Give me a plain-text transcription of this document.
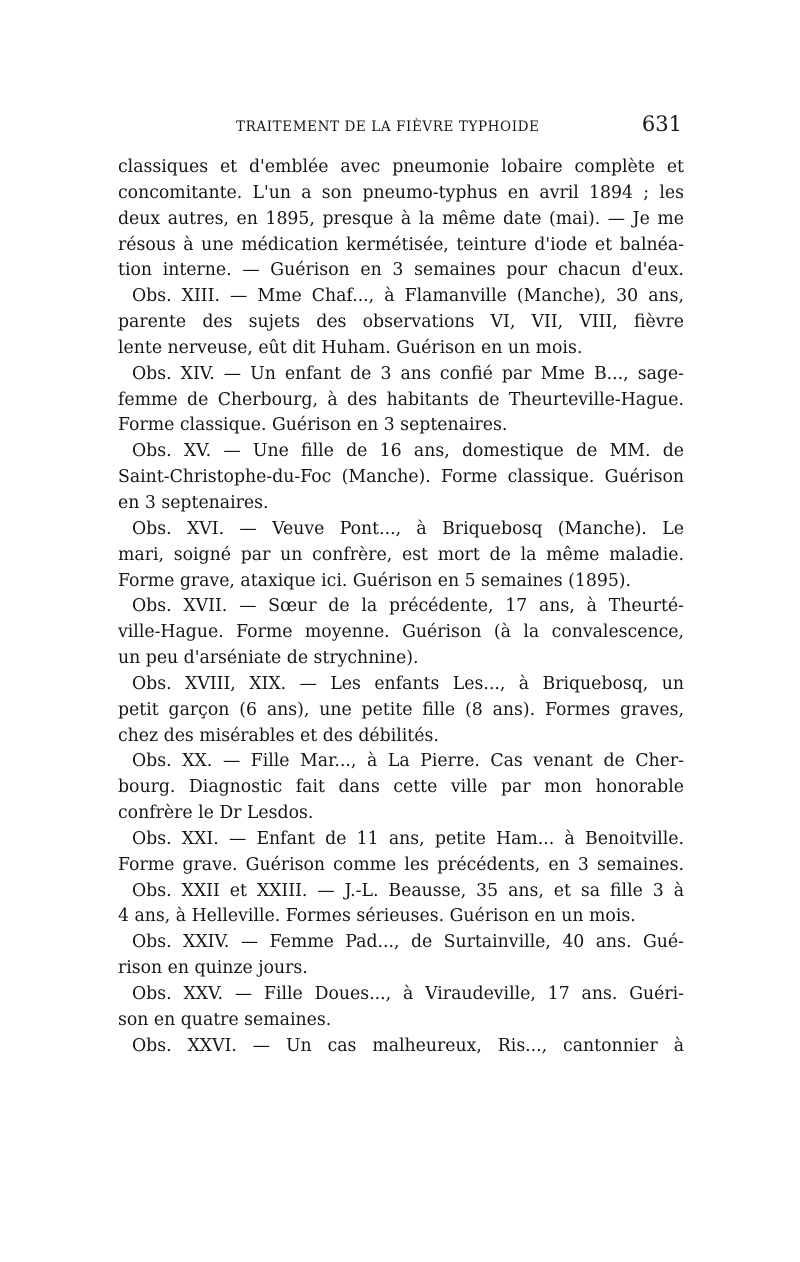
TRAITEMENT DE LA FIÈVRE TYPHOIDE	631
classiques et d'emblée avec pneumonie lobaire complète et
concomitante. L'un a son pneumo-typhus en avril 1894 ; les
deux autres, en 1895, presque à la même date (mai). — Je me
résous à une médication kermétisée, teinture d'iode et balnéa-
tion interne. — Guérison en 3 semaines pour chacun d'eux.
Obs. XIII. — Mme Chaf..., à Flamanville (Manche), 30 ans,
parente des sujets des observations VI, VII, VIII, fièvre
lente nerveuse, eût dit Huham. Guérison en un mois.
Obs. XIV. — Un enfant de 3 ans confié par Mme B..., sage-
femme de Cherbourg, à des habitants de Theurteville-Hague.
Forme classique. Guérison en 3 septenaires.
Obs. XV. — Une fille de 16 ans, domestique de MM. de
Saint-Christophe-du-Foc (Manche). Forme classique. Guérison
en 3 septenaires.
Obs. XVI. — Veuve Pont..., à Briquebosq (Manche). Le
mari, soigné par un confrère, est mort de la même maladie.
Forme grave, ataxique ici. Guérison en 5 semaines (1895).
Obs. XVII. — Sœur de la précédente, 17 ans, à Theurté-
ville-Hague. Forme moyenne. Guérison (à la convalescence,
un peu d'arséniate de strychnine).
Obs. XVIII, XIX. — Les enfants Les..., à Briquebosq, un
petit garçon (6 ans), une petite fille (8 ans). Formes graves,
chez des misérables et des débilités.
Obs. XX. — Fille Mar..., à La Pierre. Cas venant de Cher-
bourg. Diagnostic fait dans cette ville par mon honorable
confrère le Dr Lesdos.
Obs. XXI. — Enfant de 11 ans, petite Ham... à Benoitville.
Forme grave. Guérison comme les précédents, en 3 semaines.
Obs. XXII et XXIII. — J.-L. Beausse, 35 ans, et sa fille 3 à
4 ans, à Helleville. Formes sérieuses. Guérison en un mois.
Obs. XXIV. — Femme Pad..., de Surtainville, 40 ans. Gué-
rison en quinze jours.
Obs. XXV. — Fille Doues..., à Viraudeville, 17 ans. Guéri-
son en quatre semaines.
Obs. XXVI. — Un cas malheureux, Ris..., cantonnier à
